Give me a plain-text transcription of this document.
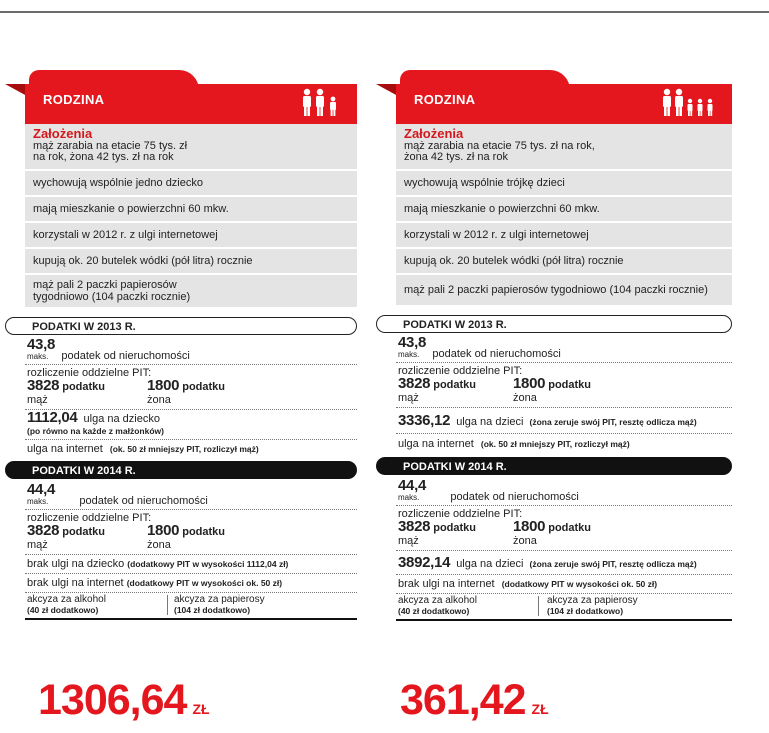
RODZINA
Założenia
mąż zarabia na etacie 75 tys. zł
na rok, żona 42 tys. zł na rok
wychowują wspólnie jedno dziecko
mają mieszkanie o powierzchni 60 mkw.
korzystali w 2012 r. z ulgi internetowej
kupują ok. 20 butelek wódki (pół litra) rocznie
mąż pali 2 paczki papierosów
tygodniowo (104 paczki rocznie)
PODATKI W 2013 R.
43,8
maks. podatek od nieruchomości
rozliczenie oddzielne PIT:
3828 podatku
mąż
1800 podatku
żona
1112,04 ulga na dziecko
(po równo na każde z małżonków)
ulga na internet (ok. 50 zł mniejszy PIT, rozliczył mąż)
PODATKI W 2014 R.
44,4
maks.	podatek od nieruchomości
rozliczenie oddzielne PIT:
3828 podatku
mąż
1800 podatku
żona
brak ulgi na dziecko (dodatkowy PIT w wysokości 1112,04 zł)
brak ulgi na internet (dodatkowy PIT w wysokości ok. 50 zł)
akcyza za alkohol
(40 zł dodatkowo)
akcyza za papierosy
(104 zł dodatkowo)
1306,64 ZŁ
RODZINA
Założenia
mąż zarabia na etacie 75 tys. zł na rok,
żona 42 tys. zł na rok
wychowują wspólnie trójkę dzieci
mają mieszkanie o powierzchni 60 mkw.
korzystali w 2012 r. z ulgi internetowej
kupują ok. 20 butelek wódki (pół litra) rocznie
mąż pali 2 paczki papierosów tygodniowo (104 paczki rocznie)
PODATKI W 2013 R.
43,8
maks. podatek od nieruchomości
rozliczenie oddzielne PIT:
3828 podatku
mąż
1800 podatku
żona
3336,12 ulga na dzieci (żona zeruje swój PIT, resztę odlicza mąż)
ulga na internet (ok. 50 zł mniejszy PIT, rozliczył mąż)
PODATKI W 2014 R.
44,4
maks.	podatek od nieruchomości
rozliczenie oddzielne PIT:
3828 podatku
mąż
1800 podatku
żona
3892,14 ulga na dzieci (żona zeruje swój PIT, resztę odlicza mąż)
brak ulgi na internet (dodatkowy PIT w wysokości ok. 50 zł)
akcyza za alkohol
(40 zł dodatkowo)
akcyza za papierosy
(104 zł dodatkowo)
361,42 ZŁ
